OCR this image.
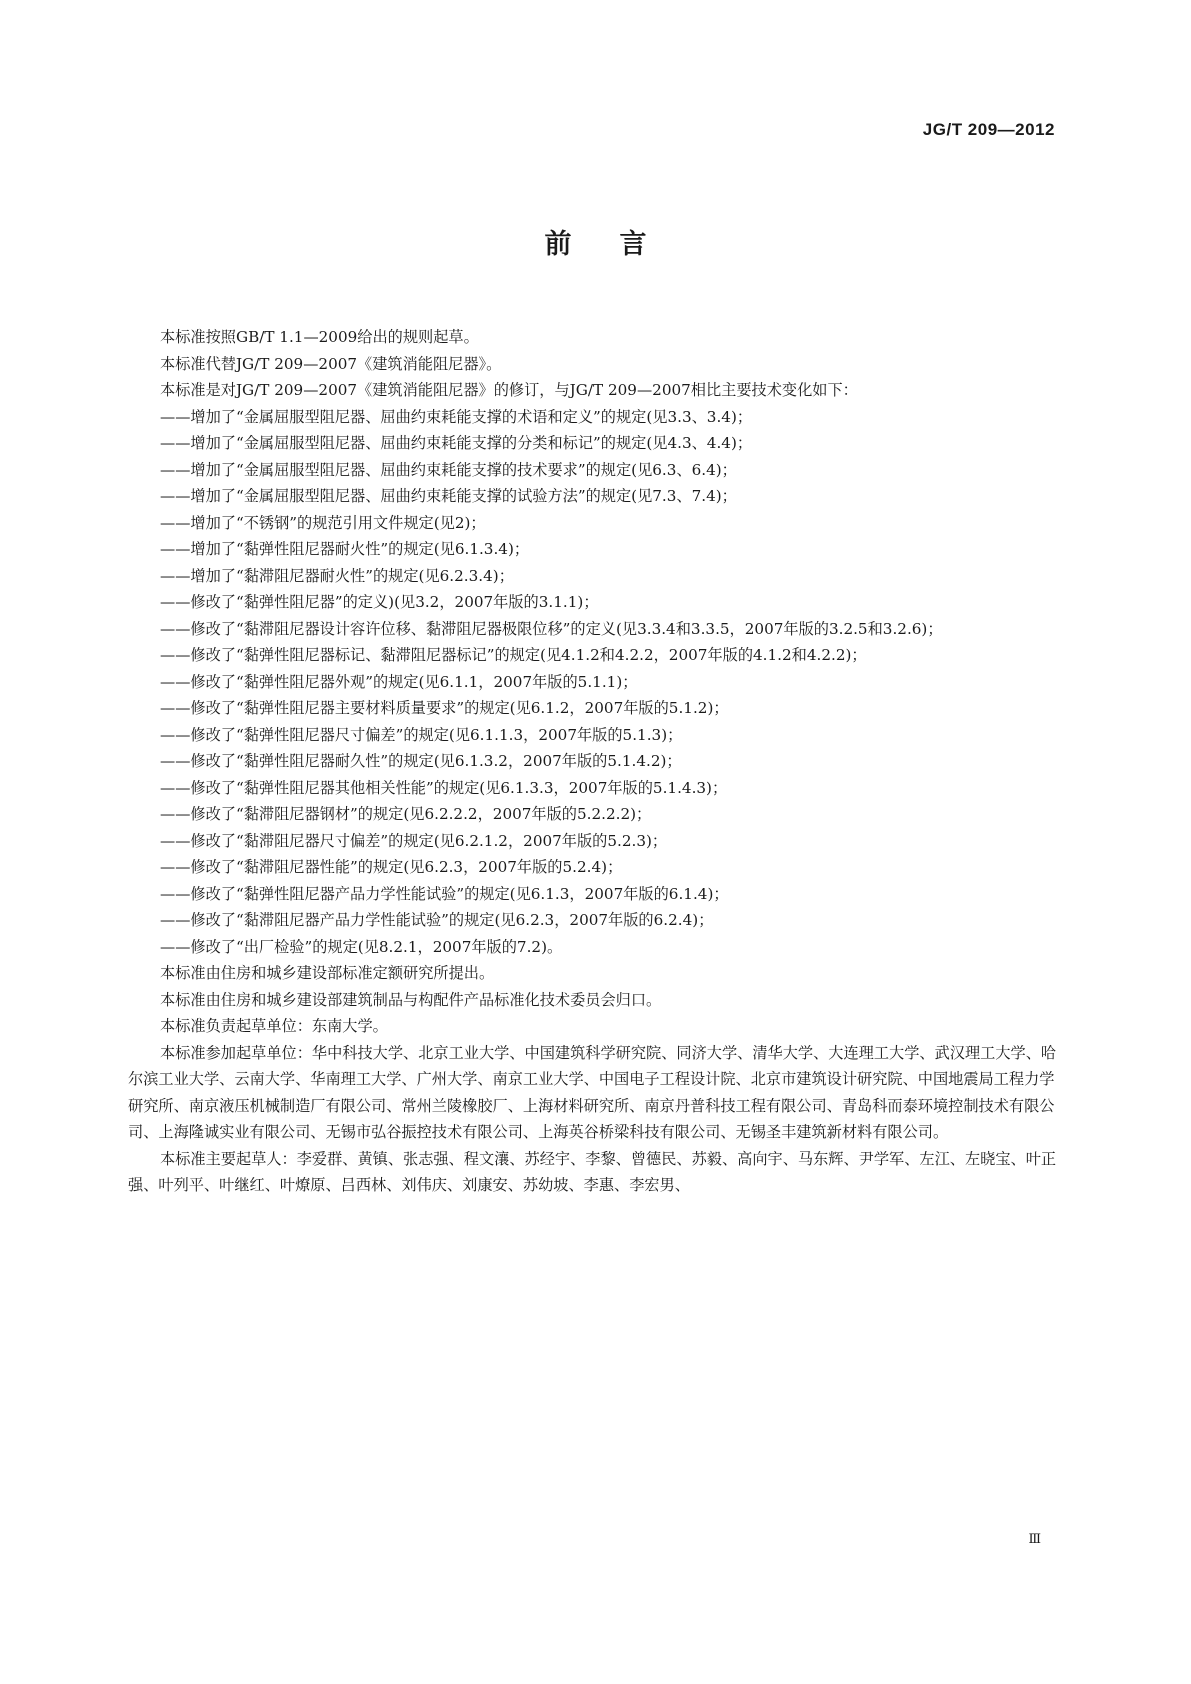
JG/T 209—2012
前言

本标准按照GB/T 1.1—2009给出的规则起草。

本标准代替JG/T 209—2007《建筑消能阻尼器》。

本标准是对JG/T 209—2007《建筑消能阻尼器》的修订，与JG/T 209—2007相比主要技术变化如下：

——增加了“金属屈服型阻尼器、屈曲约束耗能支撑的术语和定义”的规定(见3.3、3.4)；

——增加了“金属屈服型阻尼器、屈曲约束耗能支撑的分类和标记”的规定(见4.3、4.4)；

——增加了“金属屈服型阻尼器、屈曲约束耗能支撑的技术要求”的规定(见6.3、6.4)；

——增加了“金属屈服型阻尼器、屈曲约束耗能支撑的试验方法”的规定(见7.3、7.4)；

——增加了“不锈钢”的规范引用文件规定(见2)；

——增加了“黏弹性阻尼器耐火性”的规定(见6.1.3.4)；

——增加了“黏滞阻尼器耐火性”的规定(见6.2.3.4)；

——修改了“黏弹性阻尼器”的定义)(见3.2，2007年版的3.1.1)；

——修改了“黏滞阻尼器设计容许位移、黏滞阻尼器极限位移”的定义(见3.3.4和3.3.5，2007年版的3.2.5和3.2.6)；

——修改了“黏弹性阻尼器标记、黏滞阻尼器标记”的规定(见4.1.2和4.2.2，2007年版的4.1.2和4.2.2)；

——修改了“黏弹性阻尼器外观”的规定(见6.1.1，2007年版的5.1.1)；

——修改了“黏弹性阻尼器主要材料质量要求”的规定(见6.1.2，2007年版的5.1.2)；

——修改了“黏弹性阻尼器尺寸偏差”的规定(见6.1.1.3，2007年版的5.1.3)；

——修改了“黏弹性阻尼器耐久性”的规定(见6.1.3.2，2007年版的5.1.4.2)；

——修改了“黏弹性阻尼器其他相关性能”的规定(见6.1.3.3，2007年版的5.1.4.3)；

——修改了“黏滞阻尼器钢材”的规定(见6.2.2.2，2007年版的5.2.2.2)；

——修改了“黏滞阻尼器尺寸偏差”的规定(见6.2.1.2，2007年版的5.2.3)；

——修改了“黏滞阻尼器性能”的规定(见6.2.3，2007年版的5.2.4)；

——修改了“黏弹性阻尼器产品力学性能试验”的规定(见6.1.3，2007年版的6.1.4)；

——修改了“黏滞阻尼器产品力学性能试验”的规定(见6.2.3，2007年版的6.2.4)；

——修改了“出厂检验”的规定(见8.2.1，2007年版的7.2)。

本标准由住房和城乡建设部标准定额研究所提出。

本标准由住房和城乡建设部建筑制品与构配件产品标准化技术委员会归口。

本标准负责起草单位：东南大学。

本标准参加起草单位：华中科技大学、北京工业大学、中国建筑科学研究院、同济大学、清华大学、大连理工大学、武汉理工大学、哈尔滨工业大学、云南大学、华南理工大学、广州大学、南京工业大学、中国电子工程设计院、北京市建筑设计研究院、中国地震局工程力学研究所、南京液压机械制造厂有限公司、常州兰陵橡胶厂、上海材料研究所、南京丹普科技工程有限公司、青岛科而泰环境控制技术有限公司、上海隆诚实业有限公司、无锡市弘谷振控技术有限公司、上海英谷桥梁科技有限公司、无锡圣丰建筑新材料有限公司。

本标准主要起草人：李爱群、黄镇、张志强、程文瀼、苏经宇、李黎、曾德民、苏毅、高向宇、马东辉、尹学军、左江、左晓宝、叶正强、叶列平、叶继红、叶燎原、吕西林、刘伟庆、刘康安、苏幼坡、李惠、李宏男、

Ⅲ
